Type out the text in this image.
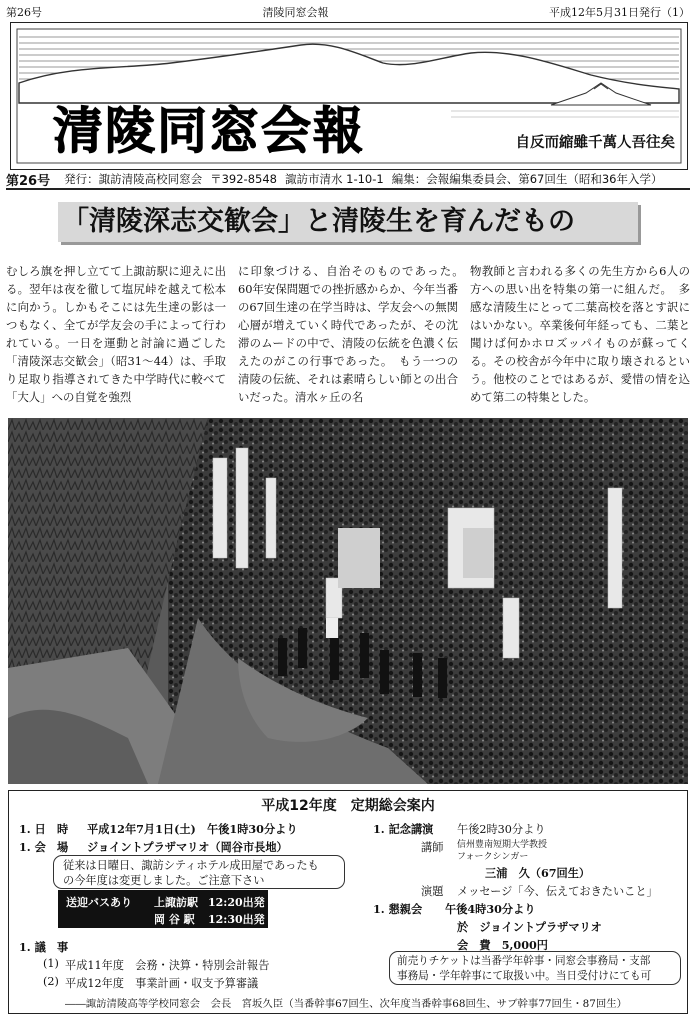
第26号	清陵同窓会報	平成12年5月31日発行（1）
清陵同窓会報	自反而縮雖千萬人吾往矣
第26号 発行：諏訪清陵高校同窓会 〒392-8548 諏訪市清水 1-10-1 編集：会報編集委員会、第67回生（昭和36年入学）
「清陵深志交歓会」と清陵生を育んだもの

むしろ旗を押し立てて上諏訪駅に迎えに出る。翌年は夜を徹して塩尻峠を越えて松本に向かう。しかもそこには先生達の影は一つもなく、全てが学友会の手によって行われている。一日を運動と討論に過ごした「清陵深志交歓会」（昭31〜44）は、手取り足取り指導されてきた中学時代に較べて「大人」への自覚を強烈

に印象づける、自治そのものであった。　60年安保問題での挫折感からか、今年当番の67回生達の在学当時は、学友会への無関心層が増えていく時代であったが、その沈滞のムードの中で、清陵の伝統を色濃く伝えたのがこの行事であった。　もう一つの清陵の伝統、それは素晴らしい師との出合いだった。清水ヶ丘の名

物教師と言われる多くの先生方から6人の方への思い出を特集の第一に組んだ。　多感な清陵生にとって二葉高校を落とす訳にはいかない。卒業後何年経っても、二葉と聞けば何かホロズッパイものが蘇ってくる。その校舎が今年中に取り壊されるという。他校のことではあるが、愛惜の情を込めて第二の特集とした。

平成12年度　定期総会案内
1. 日　時 平成12年7月1日(土)　午後1時30分より
1. 会　場 ジョイントプラザマリオ（岡谷市長地）
従来は日曜日、諏訪シティホテル成田屋であったも
の今年度は変更しました。ご注意下さい
1. 議　事
(1) 平成11年度　会務・決算・特別会計報告
(2) 平成12年度　事業計画・収支予算審議
1. 記念講演 午後2時30分より
講師 信州豊南短期大学教授
フォークシンガー
三浦　久（67回生）
演題 メッセージ「今、伝えておきたいこと」
1. 懇親会 午後4時30分より
於　ジョイントプラザマリオ
会　費　5,000円
前売りチケットは当番学年幹事・同窓会事務局・支部
事務局・学年幹事にて取扱い中。当日受付けにても可
――諏訪清陵高等学校同窓会　会長　宮坂久臣（当番幹事67回生、次年度当番幹事68回生、サブ幹事77回生・87回生）
送迎バスあり 上諏訪駅 12:20出発
岡 谷 駅 12:30出発
